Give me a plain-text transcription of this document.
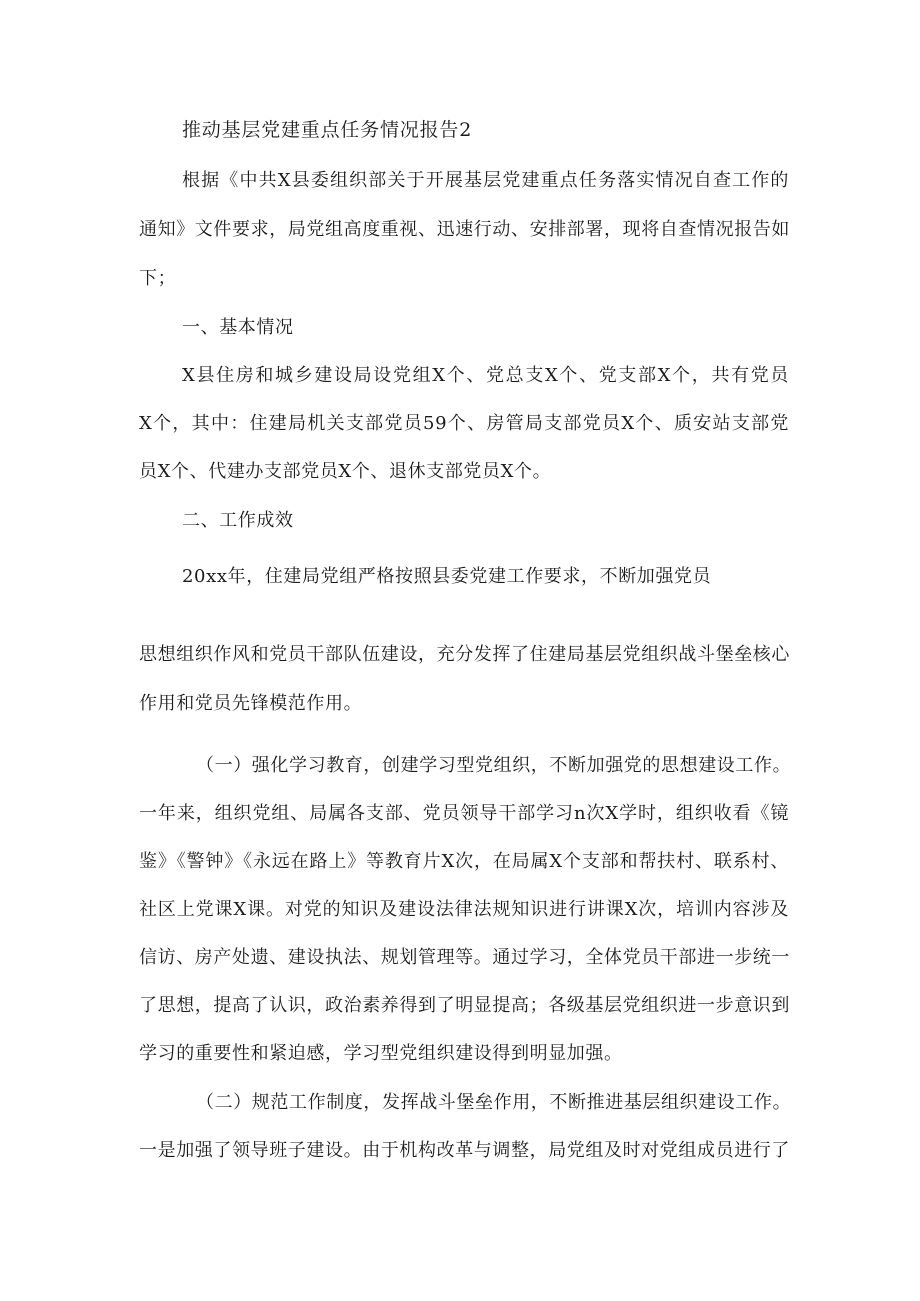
推动基层党建重点任务情况报告2
根据《中共X县委组织部关于开展基层党建重点任务落实情况自查工作的
通知》文件要求，局党组高度重视、迅速行动、安排部署，现将自查情况报告如
下；
一、基本情况
X县住房和城乡建设局设党组X个、党总支X个、党支部X个，共有党员
X个，其中：住建局机关支部党员59个、房管局支部党员X个、质安站支部党
员X个、代建办支部党员X个、退休支部党员X个。
二、工作成效
20xx年，住建局党组严格按照县委党建工作要求，不断加强党员
思想组织作风和党员干部队伍建设，充分发挥了住建局基层党组织战斗堡垒核心
作用和党员先锋模范作用。
（一）强化学习教育，创建学习型党组织，不断加强党的思想建设工作。
一年来，组织党组、局属各支部、党员领导干部学习n次X学时，组织收看《镜
鉴》《警钟》《永远在路上》等教育片X次，在局属X个支部和帮扶村、联系村、
社区上党课X课。对党的知识及建设法律法规知识进行讲课X次，培训内容涉及
信访、房产处遗、建设执法、规划管理等。通过学习，全体党员干部进一步统一
了思想，提高了认识，政治素养得到了明显提高；各级基层党组织进一步意识到
学习的重要性和紧迫感，学习型党组织建设得到明显加强。
（二）规范工作制度，发挥战斗堡垒作用，不断推进基层组织建设工作。
一是加强了领导班子建设。由于机构改革与调整，局党组及时对党组成员进行了
